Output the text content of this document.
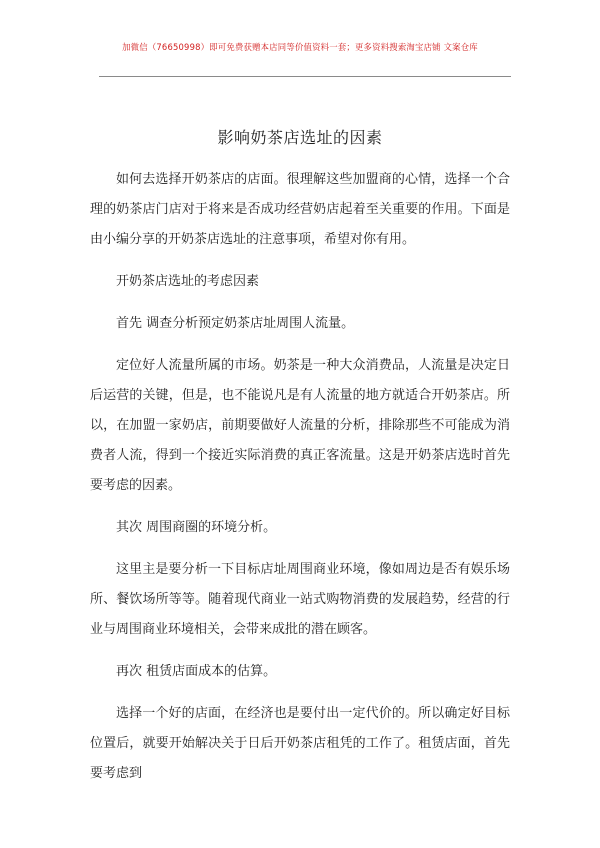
加微信（76650998）即可免费获赠本店同等价值资料一套；更多资料搜索淘宝店铺 文案仓库
影响奶茶店选址的因素

如何去选择开奶茶店的店面。很理解这些加盟商的心情，选择一个合理的奶茶店门店对于将来是否成功经营奶店起着至关重要的作用。下面是由小编分享的开奶茶店选址的注意事项，希望对你有用。

开奶茶店选址的考虑因素

首先 调查分析预定奶茶店址周围人流量。

定位好人流量所属的市场。奶茶是一种大众消费品，人流量是决定日后运营的关键，但是，也不能说凡是有人流量的地方就适合开奶茶店。所以，在加盟一家奶店，前期要做好人流量的分析，排除那些不可能成为消费者人流，得到一个接近实际消费的真正客流量。这是开奶茶店选时首先要考虑的因素。

其次 周围商圈的环境分析。

这里主是要分析一下目标店址周围商业环境，像如周边是否有娱乐场所、餐饮场所等等。随着现代商业一站式购物消费的发展趋势，经营的行业与周围商业环境相关，会带来成批的潜在顾客。

再次 租赁店面成本的估算。

选择一个好的店面，在经济也是要付出一定代价的。所以确定好目标位置后，就要开始解决关于日后开奶茶店租凭的工作了。租赁店面，首先要考虑到
